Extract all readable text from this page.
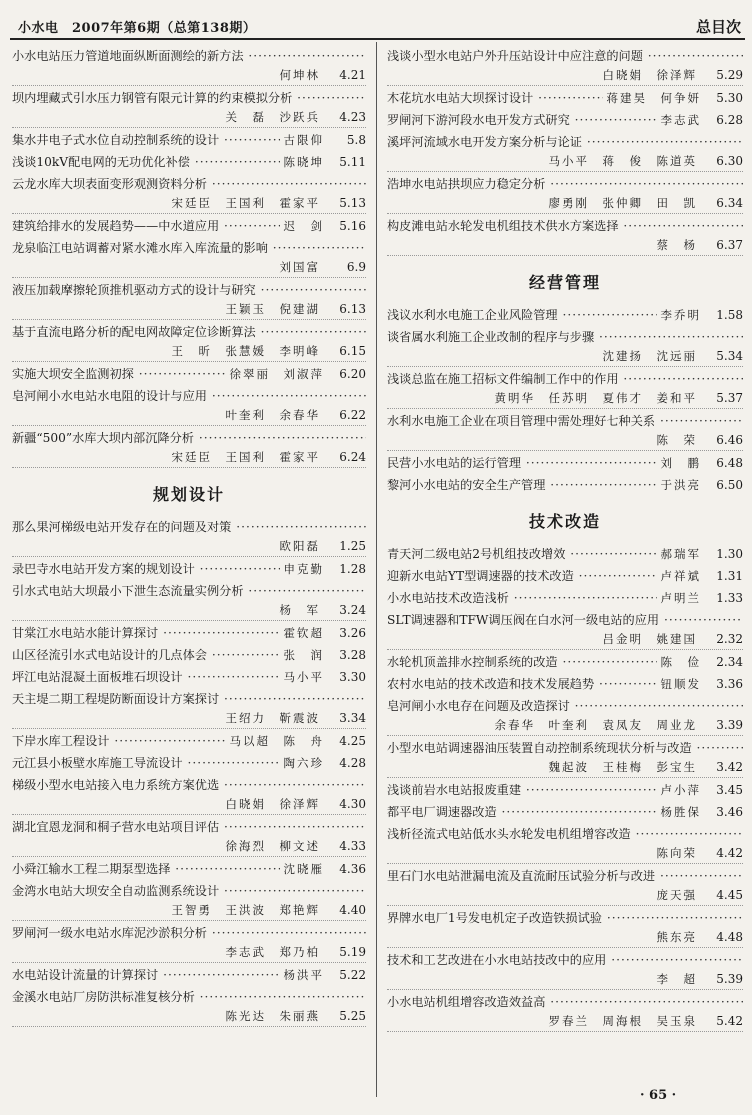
小水电　2007年第6期（总第138期）	总目次
小水电站压力管道地面纵断面测绘的新方法 ·····
何坤林	4.21
坝内埋藏式引水压力钢管有限元计算的约束模拟分析 ·····
关　磊　沙跃兵	4.23
集水井电子式水位自动控制系统的设计 ·····	古限仰	5.8
浅谈10kV配电网的无功优化补偿 ·····	陈晓坤	5.11
云龙水库大坝表面变形观测资料分析 ·····
宋廷臣　王国利　霍家平	5.13
建筑给排水的发展趋势——中水道应用 ·····	迟　剑	5.16
龙泉临江电站调蓄对紧水滩水库入库流量的影响 ·····
刘国富	6.9
液压加载摩擦轮顶推机驱动方式的设计与研究 ·····
王颖玉　倪建湖	6.13
基于直流电路分析的配电网故障定位诊断算法 ·····
王　昕　张慧媛　李明峰	6.15
实施大坝安全监测初探 ·····	徐翠丽　刘淑萍	6.20
皂河闸小水电站水电阻的设计与应用 ·····
叶奎利　余春华	6.22
新疆“500”水库大坝内部沉降分析 ·····
宋廷臣　王国利　霍家平	6.24
规划设计
那么果河梯级电站开发存在的问题及对策 ·····
欧阳磊	1.25
录巴寺水电站开发方案的规划设计 ·····	申克勤	1.28
引水式电站大坝最小下泄生态流量实例分析 ·····
杨　军	3.24
甘棠江水电站水能计算探讨 ·····	霍钦超	3.26
山区径流引水式电站设计的几点体会 ·····	张　润	3.28
坪江电站混凝土面板堆石坝设计 ·····	马小平	3.30
天主堤二期工程堤防断面设计方案探讨 ·····
王绍力　靳震波	3.34
下岸水库工程设计 ·····	马以超　陈　舟	4.25
元江县小板壁水库施工导流设计 ·····	陶六珍	4.28
梯级小型水电站接入电力系统方案优选 ·····
白晓娟　徐泽辉	4.30
湖北宜恩龙洞和桐子营水电站项目评估 ·····
徐海烈　柳文述	4.33
小舜江输水工程二期泵型选择 ·····	沈晓雁	4.36
金湾水电站大坝安全自动监测系统设计 ·····
王智勇　王洪波　郑艳辉	4.40
罗闸河一级水电站水库泥沙淤积分析 ·····
李志武　郑乃柏	5.19
水电站设计流量的计算探讨 ·····	杨洪平	5.22
金溪水电站厂房防洪标准复核分析 ·····
陈光达　朱丽燕	5.25
浅谈小型水电站户外升压站设计中应注意的问题 ·····
白晓娟　徐泽辉	5.29
木花坑水电站大坝探讨设计 ·····	蒋建昊　何争妍	5.30
罗闸河下游河段水电开发方式研究 ·····	李志武	6.28
溪坪河流域水电开发方案分析与论证 ·····
马小平　蒋　俊　陈道英	6.30
浩坤水电站拱坝应力稳定分析 ·····
廖勇刚　张仲卿　田　凯	6.34
构皮滩电站水轮发电机组技术供水方案选择 ·····
蔡　杨	6.37
经营管理
浅议水利水电施工企业风险管理 ·····	李乔明	1.58
谈省属水利施工企业改制的程序与步骤 ·····
沈建扬　沈远丽	5.34
浅谈总监在施工招标文件编制工作中的作用 ·····
黄明华　任苏明　夏伟才　姜和平	5.37
水利水电施工企业在项目管理中需处理好七种关系 ·····
陈　荣	6.46
民营小水电站的运行管理 ·····	刘　鹏	6.48
黎河小水电站的安全生产管理 ·····	于洪亮	6.50
技术改造
青天河二级电站2号机组技改增效 ·····	郝瑞军	1.30
迎新水电站YT型调速器的技术改造 ·····	卢祥斌	1.31
小水电站技术改造浅析 ·····	卢明兰	1.33
SLT调速器和TFW调压阀在白水河一级电站的应用 ·····
吕金明　姚建国	2.32
水轮机顶盖排水控制系统的改造 ·····	陈　俭	2.34
农村水电站的技术改造和技术发展趋势 ·····	钮顺发	3.36
皂河闸小水电存在问题及改造探讨 ·····
余春华　叶奎利　袁凤友　周业龙	3.39
小型水电站调速器油压装置自动控制系统现状分析与改造 ·····
魏起波　王桂梅　彭宝生	3.42
浅谈前岩水电站报废重建 ·····	卢小萍	3.45
都平电厂调速器改造 ·····	杨胜保	3.46
浅析径流式电站低水头水轮发电机组增容改造 ·····
陈向荣	4.42
里石门水电站泄漏电流及直流耐压试验分析与改进 ·····
庞天强	4.45
界牌水电厂1号发电机定子改造铁损试验 ·····
熊东亮	4.48
技术和工艺改进在小水电站技改中的应用 ·····
李　超	5.39
小水电站机组增容改造效益高 ·····
罗春兰　周海根　吴玉泉	5.42
· 65 ·
